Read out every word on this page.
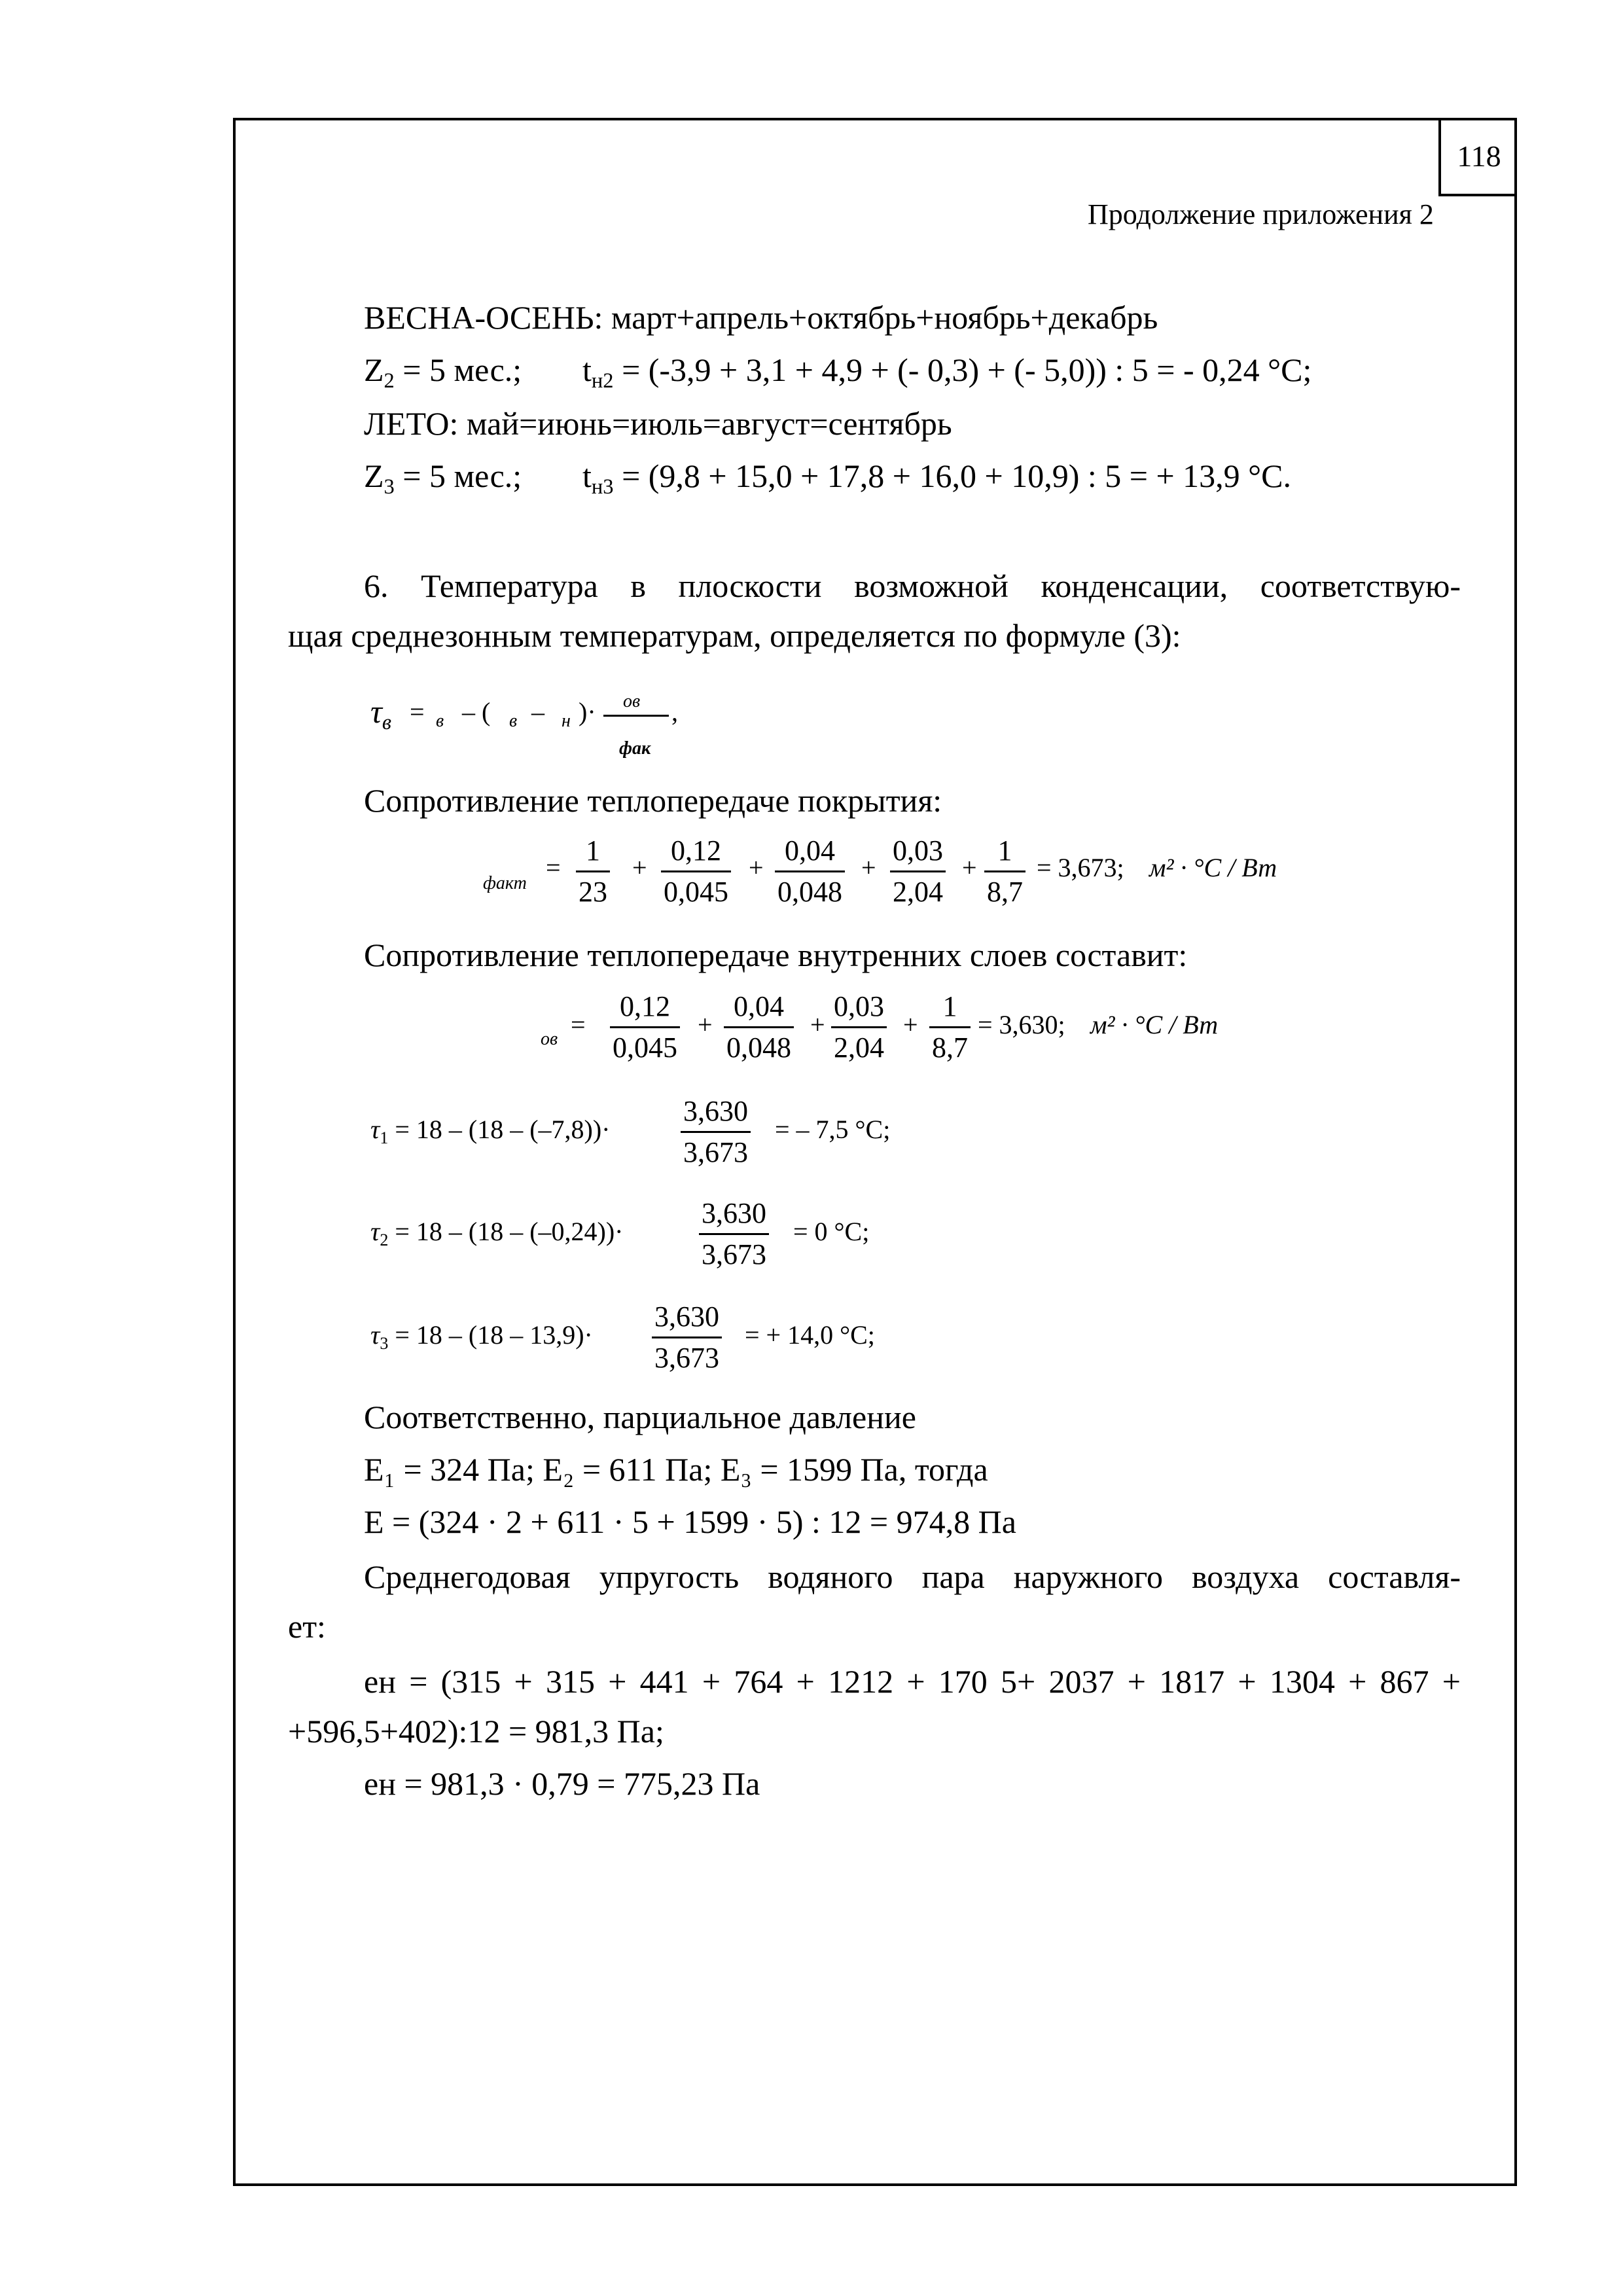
118
Продолжение приложения 2
ВЕСНА-ОСЕНЬ: март+апрель+октябрь+ноябрь+декабрь
$Z_2 = 5$ мес.; $t_{н2} = (-3,9 + 3,1 + 4,9$ + (- 0,3) + (- 5,0)) : 5 = - 0,24 °С;
ЛЕТО: май=июнь=июль=август=сентябрь
$Z_3 = 5$ мес.; $t_{н3} = (9,8 + 15,0 + 17,8 + 16,0 + 10,9)$ : 5 = + 13,9 °С.
6. Температура в плоскости возможной конденсации, соответствую-
щая среднезонным температурам, определяется по формуле (3):
$\tau_в = в$ – ( в – н )· ов ,
фак
Сопротивление теплопередаче покрытия:
факт
= $\frac{1}{23} + \frac{0,12}{0,045} + \frac{0,04}{0,048} + \frac{0,03}{2,04} + \frac{1}{8,7} = 3,673$; м² · °C / Вт
Сопротивление теплопередаче внутренних слоев составит:
ов = $\frac{0,12}{0,045} + \frac{0,04}{0,048} + \frac{0,03}{2,04} + \frac{1}{8,7} = 3,630$; м² · °C / Вт
$\tau_1 = 18 - (18 - (-7,8))\cdot \frac{3,630}{3,673}$ = – 7,5 °C;
$\tau_2 = 18 - (18 - (-0,24))\cdot$	$\frac{3,630}{3,673} = 0$ °C;
$\tau_3 = 18 - (18 - 13,9)\cdot \frac{3,630}{3,673}$ = + 14,0 °C;
Соответственно, парциальное давление
E₁ = 324 Па; E₂ = 611 Па; E₃ = 1599 Па, тогда
E = (324 · 2 + 611 · 5 + 1599 · 5) : 12 = 974,8 Па
Среднегодовая упругость водяного пара наружного воздуха составля-
ет:
eн = (315 + 315 + 441 + 764 + 1212 + 170 5+ 2037 + 1817 + 1304 + 867 +
+596,5+402):12 = 981,3 Па;
eн = 981,3 · 0,79 = 775,23 Па
